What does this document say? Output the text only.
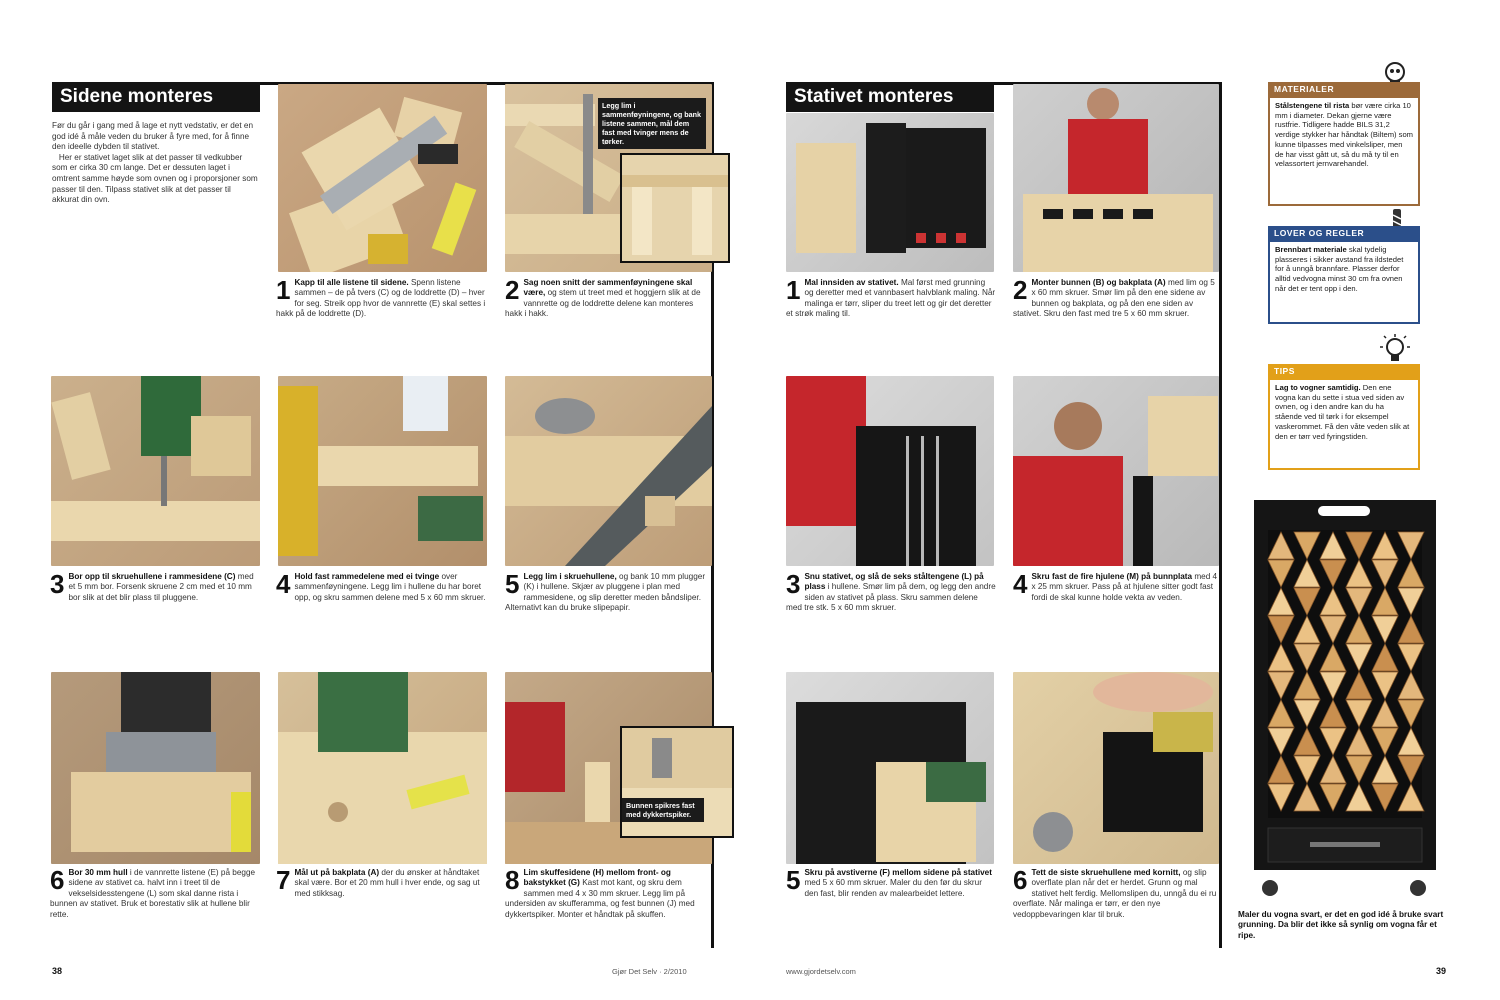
Sidene monteres
Før du går i gang med å lage et nytt vedstativ, er det en god idé å måle veden du bruker å fyre med, for å finne den ideelle dybden til stativet.
Her er stativet laget slik at det passer til vedkubber som er cirka 30 cm lange. Det er dessuten laget i omtrent samme høyde som ovnen og i proporsjoner som passer til den. Tilpass stativet slik at det passer til akkurat din ovn.
Legg lim i sammenføyningene, og bank listene sammen, mål dem fast med tvinger mens de tørker.
1 Kapp til alle listene til sidene. Spenn listene sammen – de på tvers (C) og de loddrette (D) – hver for seg. Streik opp hvor de vannrette (E) skal settes i hakk på de loddrette (D).
2 Sag noen snitt der sammenføyningene skal være, og stem ut treet med et hoggjern slik at de vannrette og de loddrette delene kan monteres hakk i hakk.
3 Bor opp til skruehullene i rammesidene (C) med et 5 mm bor. Forsenk skruene 2 cm med et 10 mm bor slik at det blir plass til pluggene.	4 Hold fast rammedelene med ei tvinge over sammenføyningene. Legg lim i hullene du har boret opp, og skru sammen delene med 5 x 60 mm skruer. 5 Legg lim i skruehullene, og bank 10 mm plugger (K) i hullene. Skjær av pluggene i plan med rammesidene, og slip deretter meden båndsliper. Alternativt kan du bruke slipepapir.
Bunnen spikres fast med dykkertspiker.
6 Bor 30 mm hull i de vannrette listene (E) på begge sidene av stativet ca. halvt inn i treet til de vekselsidesstengene (L) som skal danne rista i bunnen av stativet. Bruk et borestativ slik at hullene blir rette.
7 Mål ut på bakplata (A) der du ønsker at håndtaket skal være. Bor et 20 mm hull i hver ende, og sag ut med stikksag.	8 Lim skuffesidene (H) mellom front- og bakstykket (G) Kast mot kant, og skru dem sammen med 4 x 30 mm skruer. Legg lim på undersiden av skufferamma, og fest bunnen (J) med dykkertspiker. Monter et håndtak på skuffen.
38	Gjør Det Selv · 2/2010
Stativet monteres
1 Mal innsiden av stativet. Mal først med grunning og deretter med et vannbasert halvblank maling. Når malinga er tørr, sliper du treet lett og gir det deretter et strøk maling til.
2 Monter bunnen (B) og bakplata (A) med lim og 5 x 60 mm skruer. Smør lim på den ene sidene av bunnen og bakplata, og på den ene siden av stativet. Skru den fast med tre 5 x 60 mm skruer.
3 Snu stativet, og slå de seks ståltengene (L) på plass i hullene. Smør lim på dem, og legg den andre siden av stativet på plass. Skru sammen delene med tre stk. 5 x 60 mm skruer.
4 Skru fast de fire hjulene (M) på bunnplata med 4 x 25 mm skruer. Pass på at hjulene sitter godt fast fordi de skal kunne holde vekta av veden.
5 Skru på avstiverne (F) mellom sidene på stativet med 5 x 60 mm skruer. Maler du den før du skrur den fast, blir renden av malearbeidet lettere.	6 Tett de siste skruehullene med kornitt, og slip overflate plan når det er herdet. Grunn og mal stativet helt ferdig. Mellomslipen du, unngå du ei ru overflate. Når malinga er tørr, er den nye vedoppbevaringen klar til bruk.
MATERIALER
Stålstengene til rista bør være cirka 10 mm i diameter. Dekan gjerne være rustfrie. Tidligere hadde BILS 31,2 verdige stykker har håndtak (Biltem) som kunne tilpasses med vinkelsliper, men de har visst gått ut, så du må ty til en velassortert jernvarehandel.
LOVER OG REGLER
Brennbart materiale skal tydelig plasseres i sikker avstand fra ildstedet for å unngå brannfare. Plasser derfor alltid vedvogna minst 30 cm fra ovnen når det er tent opp i den.
TIPS
Lag to vogner samtidig. Den ene vogna kan du sette i stua ved siden av ovnen, og i den andre kan du ha stående ved til tørk i for eksempel vaskerommet. Få den våte veden slik at den er tørr ved fyringstiden.
Maler du vogna svart, er det en god idé å bruke svart grunning. Da blir det ikke så synlig om vogna får et ripe.
www.gjordetselv.com	39
